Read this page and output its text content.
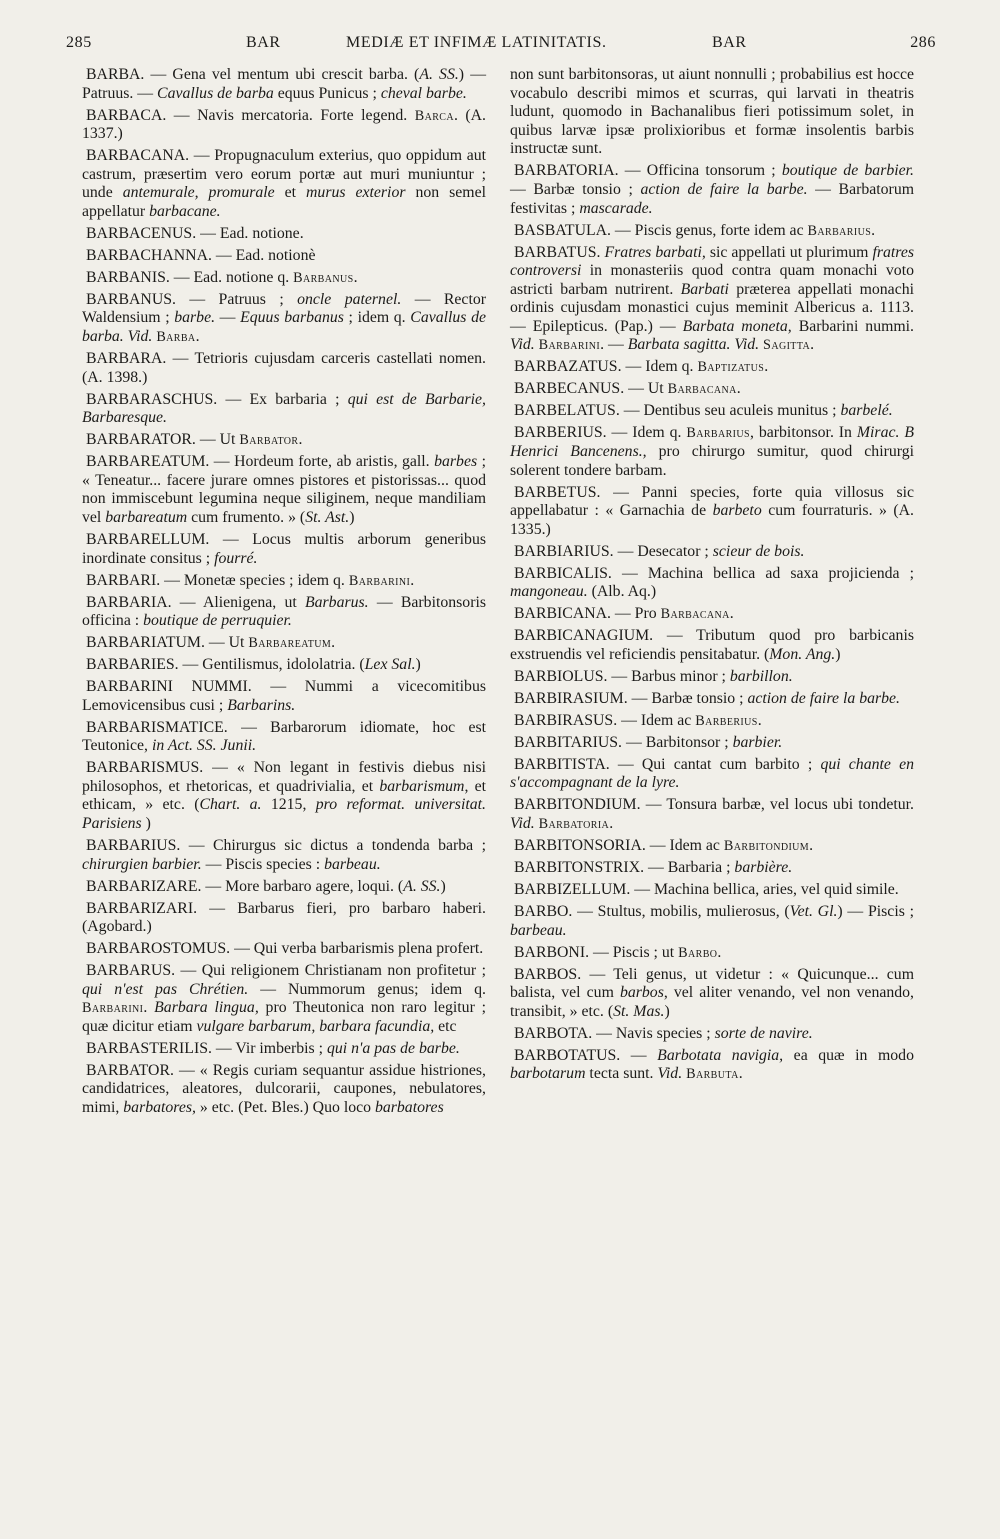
285	BAR	MEDIÆ ET INFIMÆ LATINITATIS.	BAR	286

BARBA. — Gena vel mentum ubi crescit barba. (A. SS.) — Patruus. — Cavallus de barba equus Punicus ; cheval barbe.

BARBACA. — Navis mercatoria. Forte legend. Barca. (A. 1337.)

BARBACANA. — Propugnaculum exterius, quo oppidum aut castrum, præsertim vero eorum portæ aut muri muniuntur ; unde antemurale, promurale et murus exterior non semel appellatur barbacane.

BARBACENUS. — Ead. notione.

BARBACHANNA. — Ead. notionè

BARBANIS. — Ead. notione q. Barbanus.

BARBANUS. — Patruus ; oncle paternel. — Rector Waldensium ; barbe. — Equus barbanus ; idem q. Cavallus de barba. Vid. Barba.

BARBARA. — Tetrioris cujusdam carceris castellati nomen. (A. 1398.)

BARBARASCHUS. — Ex barbaria ; qui est de Barbarie, Barbaresque.

BARBARATOR. — Ut Barbator.

BARBAREATUM. — Hordeum forte, ab aristis, gall. barbes ; « Teneatur... facere jurare omnes pistores et pistorissas... quod non immiscebunt legumina neque siliginem, neque mandiliam vel barbareatum cum frumento. » (St. Ast.)

BARBARELLUM. — Locus multis arborum generibus inordinate consitus ; fourré.

BARBARI. — Monetæ species ; idem q. Barbarini.

BARBARIA. — Alienigena, ut Barbarus. — Barbitonsoris officina : boutique de perruquier.

BARBARIATUM. — Ut Barbareatum.

BARBARIES. — Gentilismus, idololatria. (Lex Sal.)

BARBARINI NUMMI. — Nummi a vicecomitibus Lemovicensibus cusi ; Barbarins.

BARBARISMATICE. — Barbarorum idiomate, hoc est Teutonice, in Act. SS. Junii.

BARBARISMUS. — « Non legant in festivis diebus nisi philosophos, et rhetoricas, et quadrivialia, et barbarismum, et ethicam, » etc. (Chart. a. 1215, pro reformat. universitat. Parisiens )

BARBARIUS. — Chirurgus sic dictus a tondenda barba ; chirurgien barbier. — Piscis species : barbeau.

BARBARIZARE. — More barbaro agere, loqui. (A. SS.)

BARBARIZARI. — Barbarus fieri, pro barbaro haberi. (Agobard.)

BARBAROSTOMUS. — Qui verba barbarismis plena profert.

BARBARUS. — Qui religionem Christianam non profitetur ; qui n'est pas Chrétien. — Nummorum genus; idem q. Barbarini. Barbara lingua, pro Theutonica non raro legitur ; quæ dicitur etiam vulgare barbarum, barbara facundia, etc

BARBASTERILIS. — Vir imberbis ; qui n'a pas de barbe.

BARBATOR. — « Regis curiam sequantur assidue histriones, candidatrices, aleatores, dulcorarii, caupones, nebulatores, mimi, barbatores, » etc. (Pet. Bles.) Quo loco barbatores

non sunt barbitonsoras, ut aiunt nonnulli ; probabilius est hocce vocabulo describi mimos et scurras, qui larvati in theatris ludunt, quomodo in Bachanalibus fieri potissimum solet, in quibus larvæ ipsæ prolixioribus et formæ insolentis barbis instructæ sunt.

BARBATORIA. — Officina tonsorum ; boutique de barbier. — Barbæ tonsio ; action de faire la barbe. — Barbatorum festivitas ; mascarade.

BASBATULA. — Piscis genus, forte idem ac Barbarius.

BARBATUS. Fratres barbati, sic appellati ut plurimum fratres controversi in monasteriis quod contra quam monachi voto astricti barbam nutrirent. Barbati præterea appellati monachi ordinis cujusdam monastici cujus meminit Albericus a. 1113. — Epilepticus. (Pap.) — Barbata moneta, Barbarini nummi. Vid. Barbarini. — Barbata sagitta. Vid. Sagitta.

BARBAZATUS. — Idem q. Baptizatus.

BARBECANUS. — Ut Barbacana.

BARBELATUS. — Dentibus seu aculeis munitus ; barbelé.

BARBERIUS. — Idem q. Barbarius, barbitonsor. In Mirac. B Henrici Bancenens., pro chirurgo sumitur, quod chirurgi solerent tondere barbam.

BARBETUS. — Panni species, forte quia villosus sic appellabatur : « Garnachia de barbeto cum fourraturis. » (A. 1335.)

BARBIARIUS. — Desecator ; scieur de bois.

BARBICALIS. — Machina bellica ad saxa projicienda ; mangoneau. (Alb. Aq.)

BARBICANA. — Pro Barbacana.

BARBICANAGIUM. — Tributum quod pro barbicanis exstruendis vel reficiendis pensitabatur. (Mon. Ang.)

BARBIOLUS. — Barbus minor ; barbillon.

BARBIRASIUM. — Barbæ tonsio ; action de faire la barbe.

BARBIRASUS. — Idem ac Barberius.

BARBITARIUS. — Barbitonsor ; barbier.

BARBITISTA. — Qui cantat cum barbito ; qui chante en s'accompagnant de la lyre.

BARBITONDIUM. — Tonsura barbæ, vel locus ubi tondetur. Vid. Barbatoria.

BARBITONSORIA. — Idem ac Barbitondium.

BARBITONSTRIX. — Barbaria ; barbière.

BARBIZELLUM. — Machina bellica, aries, vel quid simile.

BARBO. — Stultus, mobilis, mulierosus, (Vet. Gl.) — Piscis ; barbeau.

BARBONI. — Piscis ; ut Barbo.

BARBOS. — Teli genus, ut videtur : « Quicunque... cum balista, vel cum barbos, vel aliter venando, vel non venando, transibit, » etc. (St. Mas.)

BARBOTA. — Navis species ; sorte de navire.

BARBOTATUS. — Barbotata navigia, ea quæ in modo barbotarum tecta sunt. Vid. Barbuta.
